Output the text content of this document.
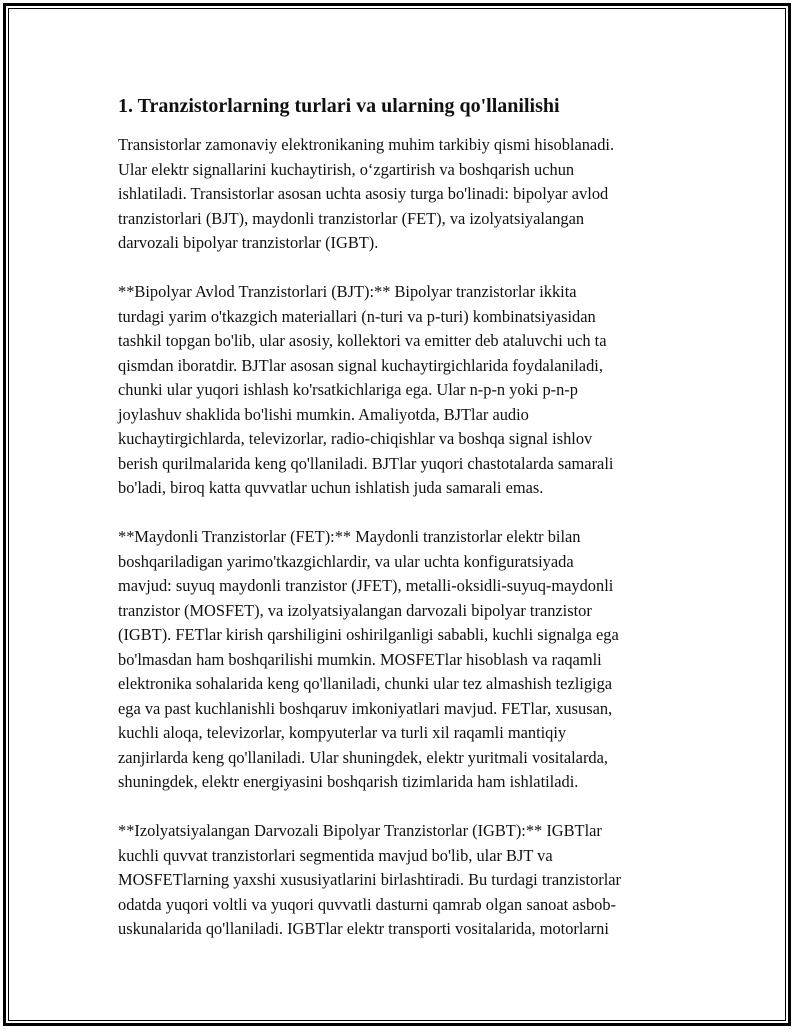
1. Tranzistorlarning turlari va ularning qo'llanilishi
Transistorlar zamonaviy elektronikaning muhim tarkibiy qismi hisoblanadi.
Ular elektr signallarini kuchaytirish, o‘zgartirish va boshqarish uchun
ishlatiladi. Transistorlar asosan uchta asosiy turga bo'linadi: bipolyar avlod
tranzistorlari (BJT), maydonli tranzistorlar (FET), va izolyatsiyalangan
darvozali bipolyar tranzistorlar (IGBT).
**Bipolyar Avlod Tranzistorlari (BJT):** Bipolyar tranzistorlar ikkita
turdagi yarim o'tkazgich materiallari (n-turi va p-turi) kombinatsiyasidan
tashkil topgan bo'lib, ular asosiy, kollektori va emitter deb ataluvchi uch ta
qismdan iboratdir. BJTlar asosan signal kuchaytirgichlarida foydalaniladi,
chunki ular yuqori ishlash ko'rsatkichlariga ega. Ular n-p-n yoki p-n-p
joylashuv shaklida bo'lishi mumkin. Amaliyotda, BJTlar audio
kuchaytirgichlarda, televizorlar, radio-chiqishlar va boshqa signal ishlov
berish qurilmalarida keng qo'llaniladi. BJTlar yuqori chastotalarda samarali
bo'ladi, biroq katta quvvatlar uchun ishlatish juda samarali emas.
**Maydonli Tranzistorlar (FET):** Maydonli tranzistorlar elektr bilan
boshqariladigan yarimo'tkazgichlardir, va ular uchta konfiguratsiyada
mavjud: suyuq maydonli tranzistor (JFET), metalli-oksidli-suyuq-maydonli
tranzistor (MOSFET), va izolyatsiyalangan darvozali bipolyar tranzistor
(IGBT). FETlar kirish qarshiligini oshirilganligi sababli, kuchli signalga ega
bo'lmasdan ham boshqarilishi mumkin. MOSFETlar hisoblash va raqamli
elektronika sohalarida keng qo'llaniladi, chunki ular tez almashish tezligiga
ega va past kuchlanishli boshqaruv imkoniyatlari mavjud. FETlar, xususan,
kuchli aloqa, televizorlar, kompyuterlar va turli xil raqamli mantiqiy
zanjirlarda keng qo'llaniladi. Ular shuningdek, elektr yuritmali vositalarda,
shuningdek, elektr energiyasini boshqarish tizimlarida ham ishlatiladi.
**Izolyatsiyalangan Darvozali Bipolyar Tranzistorlar (IGBT):** IGBTlar
kuchli quvvat tranzistorlari segmentida mavjud bo'lib, ular BJT va
MOSFETlarning yaxshi xususiyatlarini birlashtiradi. Bu turdagi tranzistorlar
odatda yuqori voltli va yuqori quvvatli dasturni qamrab olgan sanoat asbob-
uskunalarida qo'llaniladi. IGBTlar elektr transporti vositalarida, motorlarni
